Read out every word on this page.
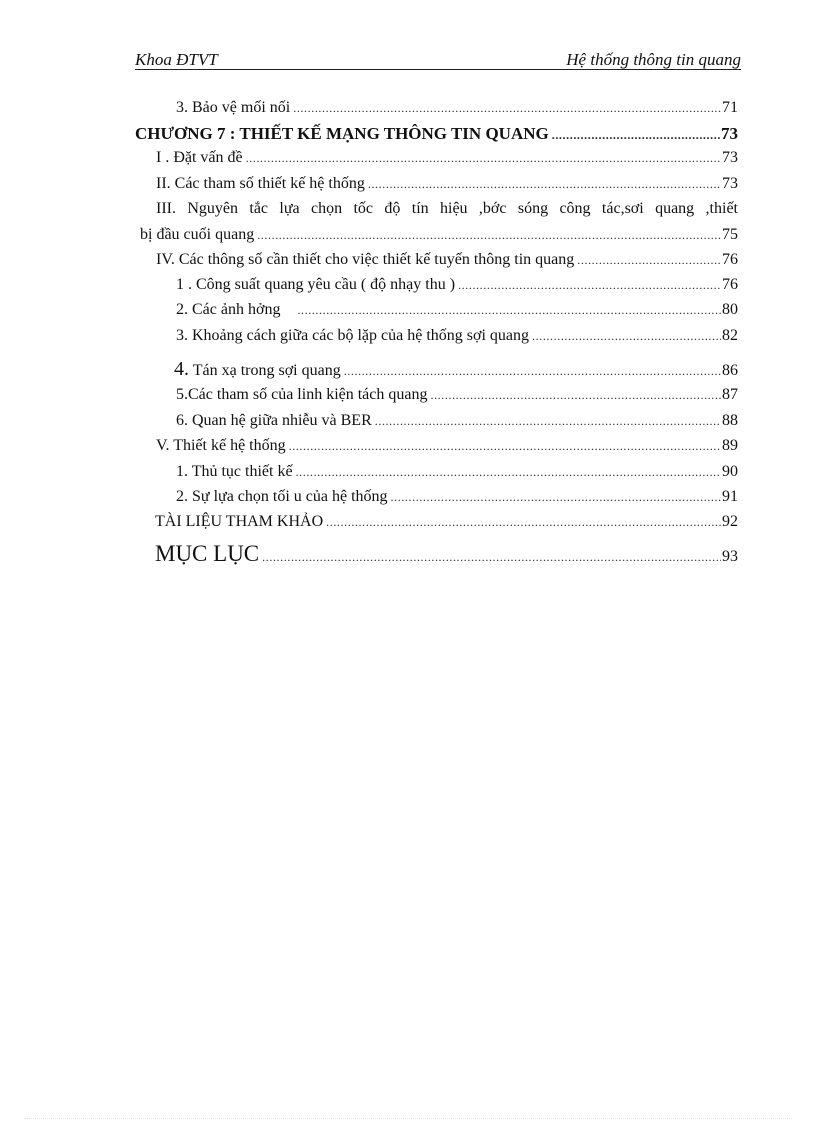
Khoa ĐTVT	Hệ thống thông tin quang
3. Bảo vệ mối nối .....	71
CHƯƠNG 7 : THIẾT KẾ MẠNG THÔNG TIN QUANG .....	73
I . Đặt vấn đề .....	73
II. Các tham số thiết kế hệ thống .....	73
III. Nguyên tắc lựa chọn tốc độ tín hiệu ,bớc sóng công tác,sơi quang ,thiết
bị đầu cuối quang .....	75
IV. Các thông số cần thiết cho việc thiết kế tuyến thông tin quang .....	76
1 . Công suất quang yêu cầu ( độ nhạy thu ) .....	76
2. Các ảnh hởng .....	80
3. Khoảng cách giữa các bộ lặp của hệ thống sợi quang .....	82
4. Tán xạ trong sợi quang .....	86
5.Các tham số của linh kiện tách quang .....	87
6. Quan hệ giữa nhiễu và BER .....	88
V. Thiết kế hệ thống .....	89
1. Thủ tục thiết kế .....	90
2. Sự lựa chọn tối u của hệ thống .....	91
TÀI LIỆU THAM KHẢO .....	92
MỤC LỤC .....	93
